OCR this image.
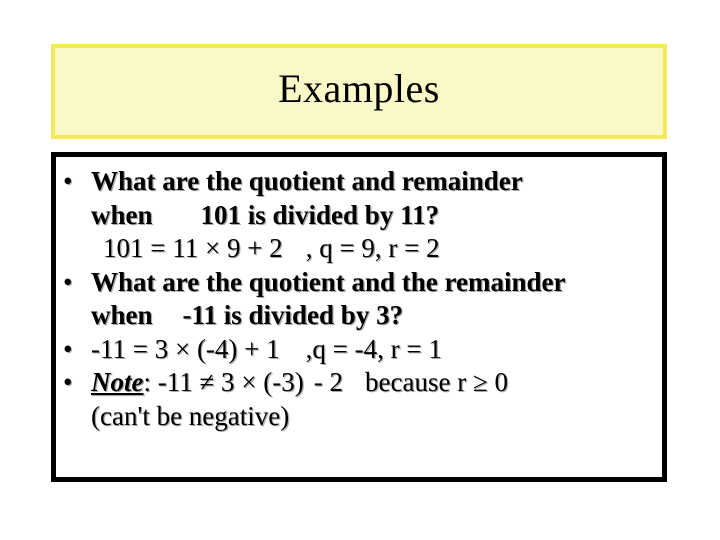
Examples
• What are the quotient and remainder
when 101 is divided by 11?
101 = 11 × 9 + 2 , q = 9, r = 2
• What are the quotient and the remainder
when -11 is divided by 3?
• -11 = 3 × (-4) + 1 ,q = -4, r = 1
• Note: -11 ≠ 3 × (-3) - 2 because r ≥ 0
(can't be negative)
